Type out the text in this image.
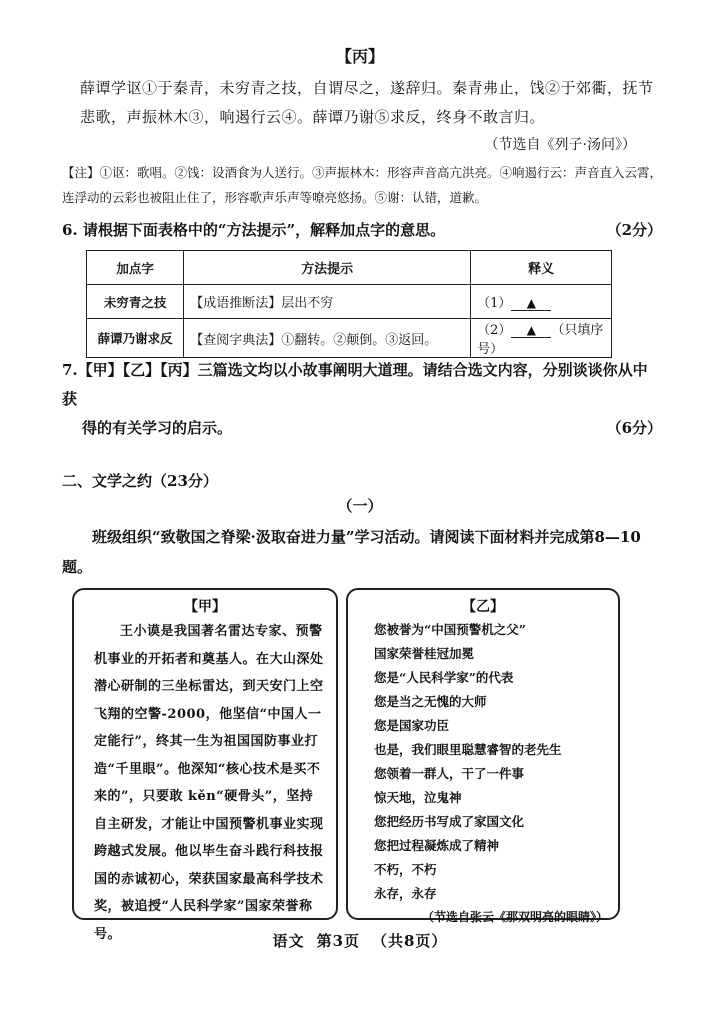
【丙】
薛谭学讴①于秦青，未穷青之技，自谓尽之，遂辞归。秦青弗止，饯②于郊衢，抚节悲歌，声振林木③，响遏行云④。薛谭乃谢⑤求反，终身不敢言归。
（节选自《列子·汤问》）
【注】①讴：歌唱。②饯：设酒食为人送行。③声振林木：形容声音高亢洪亮。④响遏行云：声音直入云霄，连浮动的云彩也被阻止住了，形容歌声乐声等嘹亮悠扬。⑤谢：认错，道歉。
6. 请根据下面表格中的“方法提示”，解释加点字的意思。	（2分）
加点字	方法提示	释义
未穷青之技	【成语推断法】层出不穷	（1） ▲
薛谭乃谢求反	【查阅字典法】①翻转。②颠倒。③返回。	（2） ▲ （只填序号）
7.【甲】【乙】【丙】三篇选文均以小故事阐明大道理。请结合选文内容，分别谈谈你从中获
得的有关学习的启示。	（6分）
二、文学之约（23分）
（一）
班级组织“致敬国之脊梁·汲取奋进力量”学习活动。请阅读下面材料并完成第8—10题。
【甲】
王小谟是我国著名雷达专家、预警机事业的开拓者和奠基人。在大山深处潜心研制的三坐标雷达，到天安门上空飞翔的空警-2000，他坚信“中国人一定能行”，终其一生为祖国国防事业打造“千里眼”。他深知“核心技术是买不来的”，只要敢 kěn“硬骨头”，坚持自主研发，才能让中国预警机事业实现跨越式发展。他以毕生奋斗践行科技报国的赤诚初心，荣获国家最高科学技术奖，被追授“人民科学家”国家荣誉称号。
【乙】
您被誉为“中国预警机之父”
国家荣誉桂冠加冕
您是“人民科学家”的代表
您是当之无愧的大师
您是国家功臣
也是，我们眼里聪慧睿智的老先生
您领着一群人，干了一件事
惊天地，泣鬼神
您把经历书写成了家国文化
您把过程凝炼成了精神
不朽，不朽
永存，永存
（节选自张云《那双明亮的眼睛》）
语文 第3页 （共8页）
